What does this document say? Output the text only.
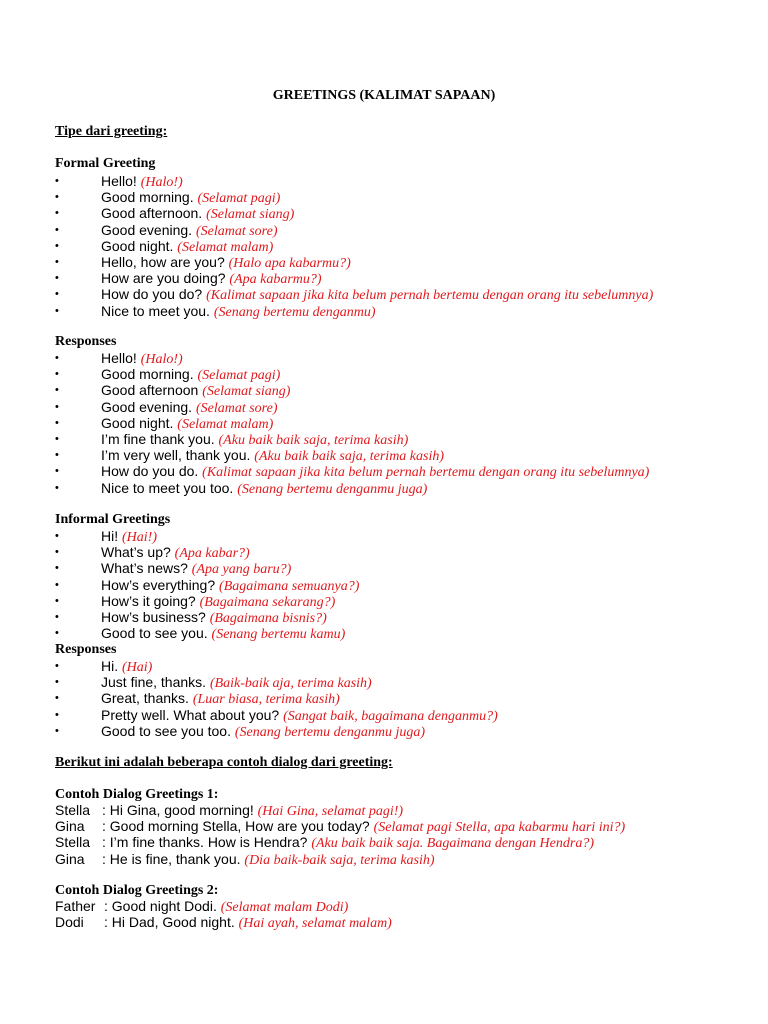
GREETINGS (KALIMAT SAPAAN)
Tipe dari greeting:
Formal Greeting
•	Hello! (Halo!)
•	Good morning. (Selamat pagi)
•	Good afternoon. (Selamat siang)
•	Good evening. (Selamat sore)
•	Good night. (Selamat malam)
•	Hello, how are you? (Halo apa kabarmu?)
•	How are you doing? (Apa kabarmu?)
•	How do you do? (Kalimat sapaan jika kita belum pernah bertemu dengan orang itu sebelumnya)
•	Nice to meet you. (Senang bertemu denganmu)
Responses
•	Hello! (Halo!)
•	Good morning. (Selamat pagi)
•	Good afternoon (Selamat siang)
•	Good evening. (Selamat sore)
•	Good night. (Selamat malam)
•	I’m fine thank you. (Aku baik baik saja, terima kasih)
•	I’m very well, thank you. (Aku baik baik saja, terima kasih)
•	How do you do. (Kalimat sapaan jika kita belum pernah bertemu dengan orang itu sebelumnya)
•	Nice to meet you too. (Senang bertemu denganmu juga)
Informal Greetings
•	Hi! (Hai!)
•	What’s up? (Apa kabar?)
•	What’s news? (Apa yang baru?)
•	How’s everything? (Bagaimana semuanya?)
•	How’s it going? (Bagaimana sekarang?)
•	How’s business? (Bagaimana bisnis?)
•	Good to see you. (Senang bertemu kamu)
Responses
•	Hi. (Hai)
•	Just fine, thanks. (Baik-baik aja, terima kasih)
•	Great, thanks. (Luar biasa, terima kasih)
•	Pretty well. What about you? (Sangat baik, bagaimana denganmu?)
•	Good to see you too. (Senang bertemu denganmu juga)
Berikut ini adalah beberapa contoh dialog dari greeting:
Contoh Dialog Greetings 1:
Stella : Hi Gina, good morning! (Hai Gina, selamat pagi!)
Gina : Good morning Stella, How are you today? (Selamat pagi Stella, apa kabarmu hari ini?)
Stella : I’m fine thanks. How is Hendra? (Aku baik baik saja. Bagaimana dengan Hendra?)
Gina : He is fine, thank you. (Dia baik-baik saja, terima kasih)
Contoh Dialog Greetings 2:
Father : Good night Dodi. (Selamat malam Dodi)
Dodi : Hi Dad, Good night. (Hai ayah, selamat malam)
